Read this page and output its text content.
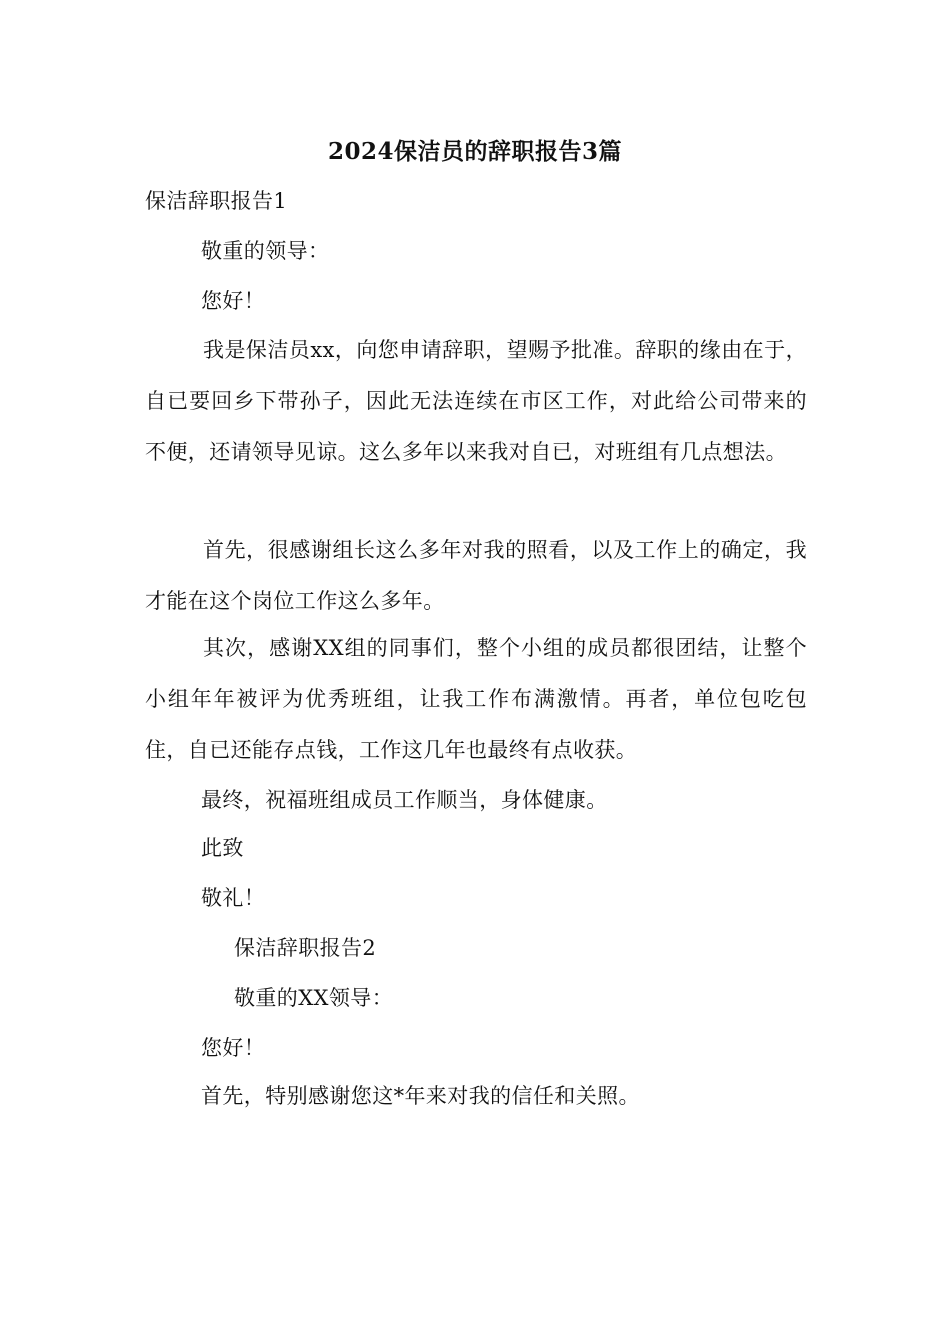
2024保洁员的辞职报告3篇
保洁辞职报告1
敬重的领导：
您好！
我是保洁员xx，向您申请辞职，望赐予批准。辞职的缘由在于，自已要回乡下带孙子，因此无法连续在市区工作，对此给公司带来的不便，还请领导见谅。这么多年以来我对自已，对班组有几点想法。
首先，很感谢组长这么多年对我的照看，以及工作上的确定，我才能在这个岗位工作这么多年。
其次，感谢XX组的同事们，整个小组的成员都很团结，让整个小组年年被评为优秀班组，让我工作布满激情。再者，单位包吃包住，自已还能存点钱，工作这几年也最终有点收获。
最终，祝福班组成员工作顺当，身体健康。
此致
敬礼！
保洁辞职报告2
敬重的XX领导：
您好！
首先，特别感谢您这*年来对我的信任和关照。
